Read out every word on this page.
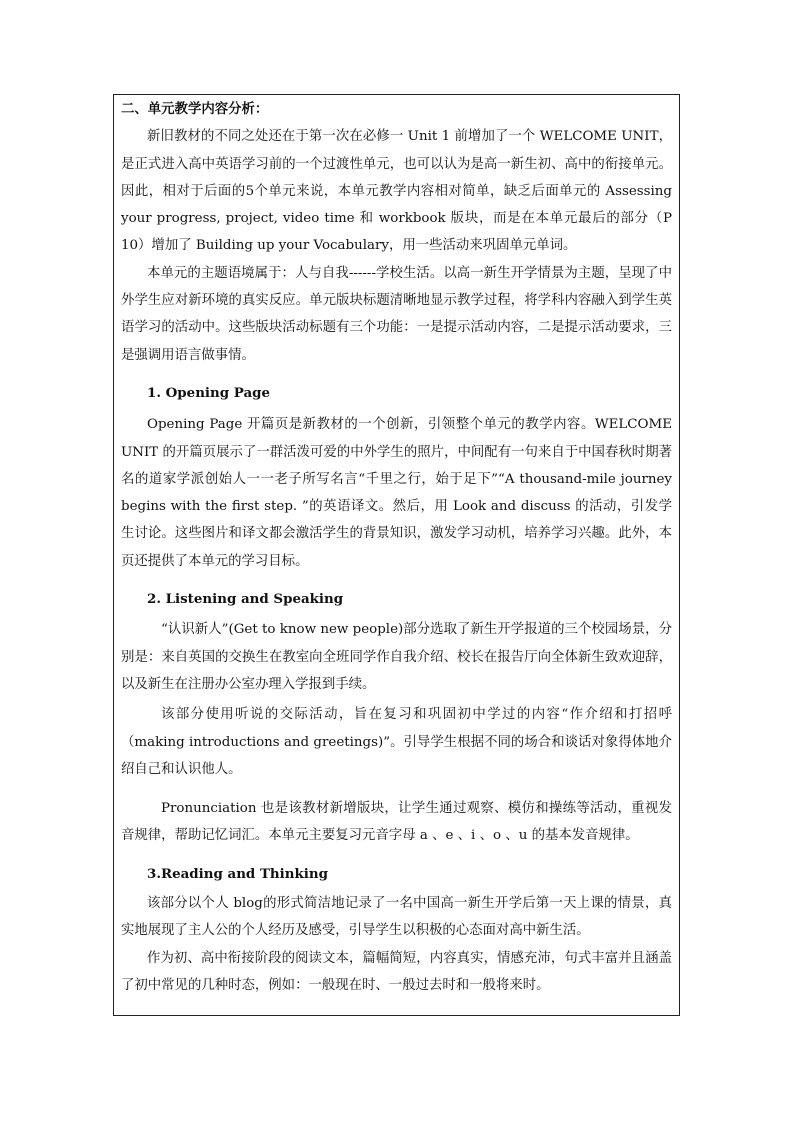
二、单元教学内容分析：

新旧教材的不同之处还在于第一次在必修一 Unit 1 前增加了一个 WELCOME UNIT，是正式进入高中英语学习前的一个过渡性单元，也可以认为是高一新生初、高中的衔接单元。因此，相对于后面的5个单元来说，本单元教学内容相对简单，缺乏后面单元的 Assessing your progress, project, video time 和 workbook 版块，而是在本单元最后的部分（P 10）增加了 Building up your Vocabulary，用一些活动来巩固单元单词。

本单元的主题语境属于：人与自我------学校生活。以高一新生开学情景为主题，呈现了中外学生应对新环境的真实反应。单元版块标题清晰地显示教学过程，将学科内容融入到学生英语学习的活动中。这些版块活动标题有三个功能：一是提示活动内容，二是提示活动要求，三是强调用语言做事情。

1. Opening Page

Opening Page 开篇页是新教材的一个创新，引领整个单元的教学内容。WELCOME UNIT 的开篇页展示了一群活泼可爱的中外学生的照片，中间配有一句来自于中国春秋时期著名的道家学派创始人一一老子所写名言“千里之行，始于足下”“A thousand-mile journey begins with the first step. ”的英语译文。然后，用 Look and discuss 的活动，引发学生讨论。这些图片和译文都会激活学生的背景知识，激发学习动机，培养学习兴趣。此外，本页还提供了本单元的学习目标。

2. Listening and Speaking

“认识新人”(Get to know new people)部分选取了新生开学报道的三个校园场景，分别是：来自英国的交换生在教室向全班同学作自我介绍、校长在报告厅向全体新生致欢迎辞，以及新生在注册办公室办理入学报到手续。

该部分使用听说的交际活动，旨在复习和巩固初中学过的内容“作介绍和打招呼（making introductions and greetings)”。引导学生根据不同的场合和谈话对象得体地介绍自己和认识他人。

Pronunciation 也是该教材新增版块，让学生通过观察、模仿和操练等活动，重视发音规律，帮助记忆词汇。本单元主要复习元音字母 a 、e 、i 、o 、u 的基本发音规律。

3.Reading and Thinking

该部分以个人 blog的形式简洁地记录了一名中国高一新生开学后第一天上课的情景，真实地展现了主人公的个人经历及感受，引导学生以积极的心态面对高中新生活。

作为初、高中衔接阶段的阅读文本，篇幅简短，内容真实，情感充沛，句式丰富并且涵盖了初中常见的几种时态，例如：一般现在时、一般过去时和一般将来时。
